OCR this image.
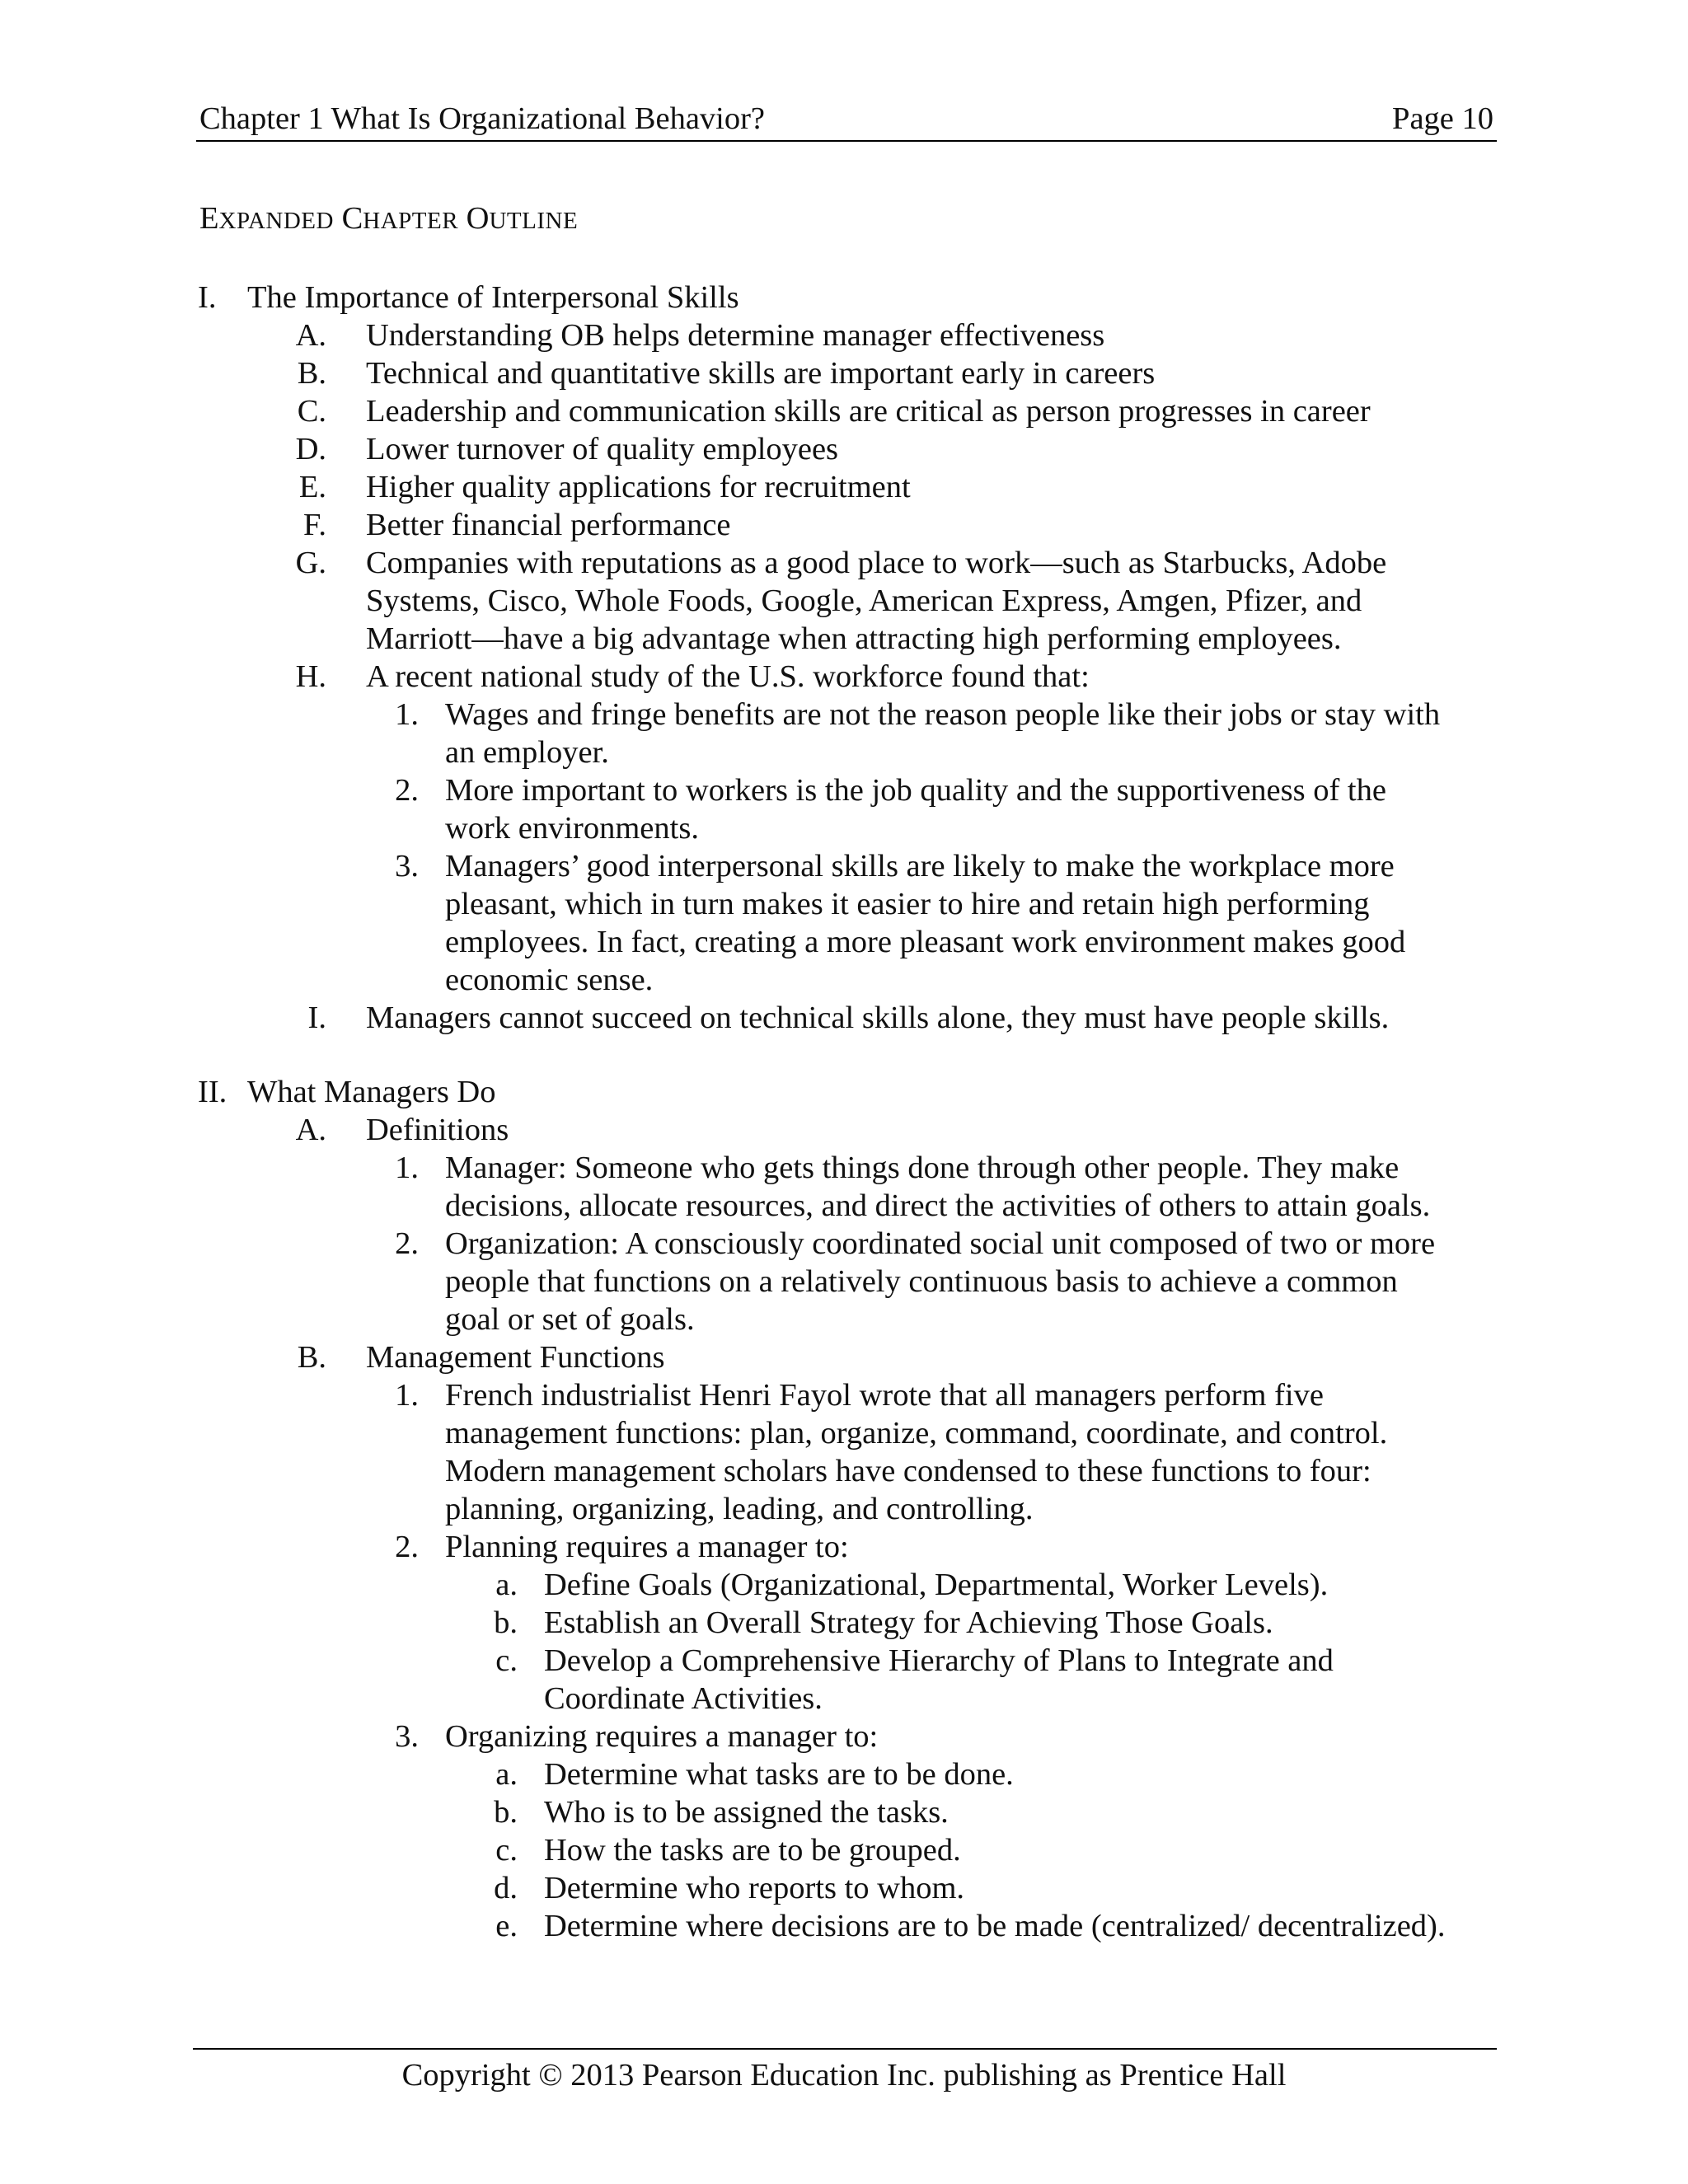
Chapter 1 What Is Organizational Behavior?	Page 10
EXPANDED CHAPTER OUTLINE
I. The Importance of Interpersonal Skills
A. Understanding OB helps determine manager effectiveness
B. Technical and quantitative skills are important early in careers
C. Leadership and communication skills are critical as person progresses in career
D. Lower turnover of quality employees
E. Higher quality applications for recruitment
F. Better financial performance
G. Companies with reputations as a good place to work—such as Starbucks, Adobe
Systems, Cisco, Whole Foods, Google, American Express, Amgen, Pfizer, and
Marriott—have a big advantage when attracting high performing employees.
H. A recent national study of the U.S. workforce found that:
1. Wages and fringe benefits are not the reason people like their jobs or stay with
an employer.
2. More important to workers is the job quality and the supportiveness of the
work environments.
3. Managers’ good interpersonal skills are likely to make the workplace more
pleasant, which in turn makes it easier to hire and retain high performing
employees. In fact, creating a more pleasant work environment makes good
economic sense.
I. Managers cannot succeed on technical skills alone, they must have people skills.
II. What Managers Do
A. Definitions
1. Manager: Someone who gets things done through other people. They make
decisions, allocate resources, and direct the activities of others to attain goals.
2. Organization: A consciously coordinated social unit composed of two or more
people that functions on a relatively continuous basis to achieve a common
goal or set of goals.
B. Management Functions
1. French industrialist Henri Fayol wrote that all managers perform five
management functions: plan, organize, command, coordinate, and control.
Modern management scholars have condensed to these functions to four:
planning, organizing, leading, and controlling.
2. Planning requires a manager to:
a. Define Goals (Organizational, Departmental, Worker Levels).
b. Establish an Overall Strategy for Achieving Those Goals.
c. Develop a Comprehensive Hierarchy of Plans to Integrate and
Coordinate Activities.
3. Organizing requires a manager to:
a. Determine what tasks are to be done.
b. Who is to be assigned the tasks.
c. How the tasks are to be grouped.
d. Determine who reports to whom.
e. Determine where decisions are to be made (centralized/ decentralized).
Copyright © 2013 Pearson Education Inc. publishing as Prentice Hall
